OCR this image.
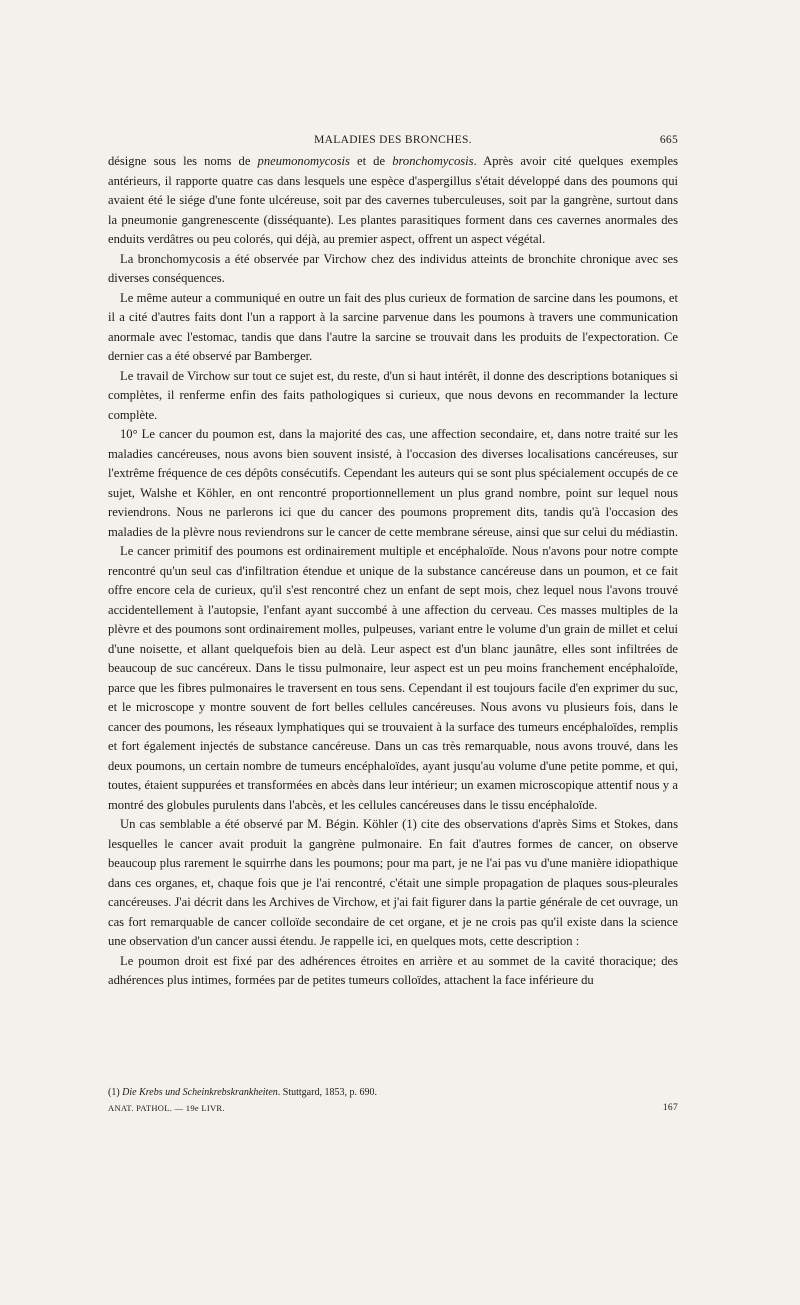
MALADIES DES BRONCHES.	665

désigne sous les noms de pneumonomycosis et de bronchomycosis. Après avoir cité quelques exemples antérieurs, il rapporte quatre cas dans lesquels une espèce d'aspergillus s'était développé dans des poumons qui avaient été le siége d'une fonte ulcéreuse, soit par des cavernes tuberculeuses, soit par la gangrène, surtout dans la pneumonie gangrenescente (disséquante). Les plantes parasitiques forment dans ces cavernes anormales des enduits verdâtres ou peu colorés, qui déjà, au premier aspect, offrent un aspect végétal.

La bronchomycosis a été observée par Virchow chez des individus atteints de bronchite chronique avec ses diverses conséquences.

Le même auteur a communiqué en outre un fait des plus curieux de formation de sarcine dans les poumons, et il a cité d'autres faits dont l'un a rapport à la sarcine parvenue dans les poumons à travers une communication anormale avec l'estomac, tandis que dans l'autre la sarcine se trouvait dans les produits de l'expectoration. Ce dernier cas a été observé par Bamberger.

Le travail de Virchow sur tout ce sujet est, du reste, d'un si haut intérêt, il donne des descriptions botaniques si complètes, il renferme enfin des faits pathologiques si curieux, que nous devons en recommander la lecture complète.

10° Le cancer du poumon est, dans la majorité des cas, une affection secondaire, et, dans notre traité sur les maladies cancéreuses, nous avons bien souvent insisté, à l'occasion des diverses localisations cancéreuses, sur l'extrême fréquence de ces dépôts consécutifs. Cependant les auteurs qui se sont plus spécialement occupés de ce sujet, Walshe et Köhler, en ont rencontré proportionnellement un plus grand nombre, point sur lequel nous reviendrons. Nous ne parlerons ici que du cancer des poumons proprement dits, tandis qu'à l'occasion des maladies de la plèvre nous reviendrons sur le cancer de cette membrane séreuse, ainsi que sur celui du médiastin.

Le cancer primitif des poumons est ordinairement multiple et encéphaloïde. Nous n'avons pour notre compte rencontré qu'un seul cas d'infiltration étendue et unique de la substance cancéreuse dans un poumon, et ce fait offre encore cela de curieux, qu'il s'est rencontré chez un enfant de sept mois, chez lequel nous l'avons trouvé accidentellement à l'autopsie, l'enfant ayant succombé à une affection du cerveau. Ces masses multiples de la plèvre et des poumons sont ordinairement molles, pulpeuses, variant entre le volume d'un grain de millet et celui d'une noisette, et allant quelquefois bien au delà. Leur aspect est d'un blanc jaunâtre, elles sont infiltrées de beaucoup de suc cancéreux. Dans le tissu pulmonaire, leur aspect est un peu moins franchement encéphaloïde, parce que les fibres pulmonaires le traversent en tous sens. Cependant il est toujours facile d'en exprimer du suc, et le microscope y montre souvent de fort belles cellules cancéreuses. Nous avons vu plusieurs fois, dans le cancer des poumons, les réseaux lymphatiques qui se trouvaient à la surface des tumeurs encéphaloïdes, remplis et fort également injectés de substance cancéreuse. Dans un cas très remarquable, nous avons trouvé, dans les deux poumons, un certain nombre de tumeurs encéphaloïdes, ayant jusqu'au volume d'une petite pomme, et qui, toutes, étaient suppurées et transformées en abcès dans leur intérieur; un examen microscopique attentif nous y a montré des globules purulents dans l'abcès, et les cellules cancéreuses dans le tissu encéphaloïde.

Un cas semblable a été observé par M. Bégin. Köhler (1) cite des observations d'après Sims et Stokes, dans lesquelles le cancer avait produit la gangrène pulmonaire. En fait d'autres formes de cancer, on observe beaucoup plus rarement le squirrhe dans les poumons; pour ma part, je ne l'ai pas vu d'une manière idiopathique dans ces organes, et, chaque fois que je l'ai rencontré, c'était une simple propagation de plaques sous-pleurales cancéreuses. J'ai décrit dans les Archives de Virchow, et j'ai fait figurer dans la partie générale de cet ouvrage, un cas fort remarquable de cancer colloïde secondaire de cet organe, et je ne crois pas qu'il existe dans la science une observation d'un cancer aussi étendu. Je rappelle ici, en quelques mots, cette description :

Le poumon droit est fixé par des adhérences étroites en arrière et au sommet de la cavité thoracique; des adhérences plus intimes, formées par de petites tumeurs colloïdes, attachent la face inférieure du

(1) Die Krebs und Scheinkrebskrankheiten. Stuttgard, 1853, p. 690.
ANAT. PATHOL. — 19e LIVR.	167
